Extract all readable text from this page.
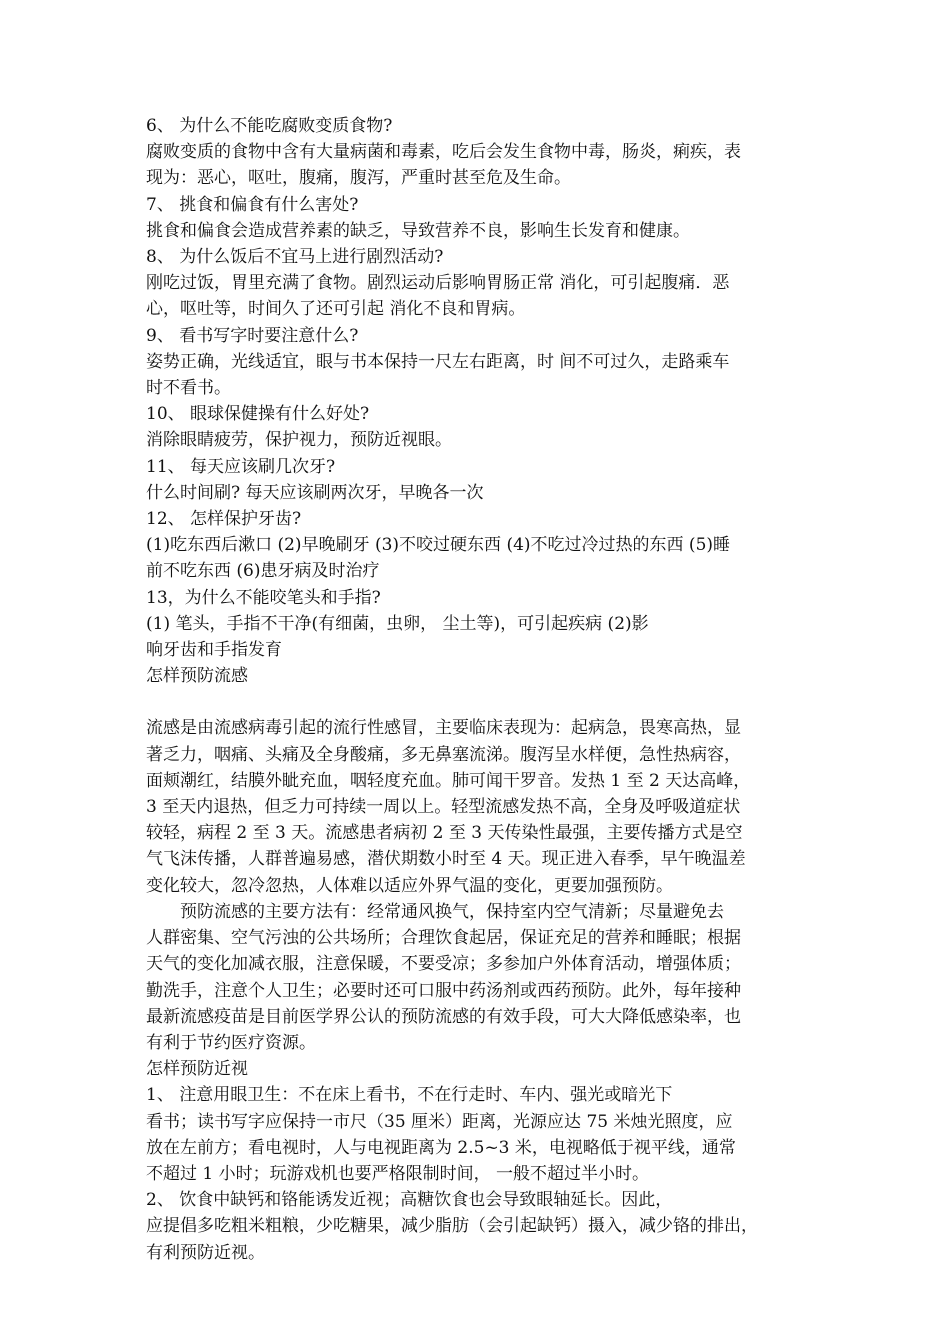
6、 为什么不能吃腐败变质食物?
腐败变质的食物中含有大量病菌和毒素，吃后会发生食物中毒，肠炎，痢疾，表
现为：恶心，呕吐，腹痛，腹泻，严重时甚至危及生命。
7、 挑食和偏食有什么害处?
挑食和偏食会造成营养素的缺乏，导致营养不良，影响生长发育和健康。
8、 为什么饭后不宜马上进行剧烈活动?
刚吃过饭，胃里充满了食物。剧烈运动后影响胃肠正常 消化，可引起腹痛．恶
心，呕吐等，时间久了还可引起 消化不良和胃病。
9、 看书写字时要注意什么?
姿势正确，光线适宜，眼与书本保持一尺左右距离，时 间不可过久，走路乘车
时不看书。
10、 眼球保健操有什么好处?
消除眼睛疲劳，保护视力，预防近视眼。
11、 每天应该刷几次牙?
什么时间刷? 每天应该刷两次牙，早晚各一次
12、 怎样保护牙齿?
(1)吃东西后漱口 (2)早晚刷牙 (3)不咬过硬东西 (4)不吃过冷过热的东西 (5)睡
前不吃东西 (6)患牙病及时治疗
13，为什么不能咬笔头和手指?
(1) 笔头，手指不干净(有细菌，虫卵， 尘土等)，可引起疾病 (2)影
响牙齿和手指发育
怎样预防流感
流感是由流感病毒引起的流行性感冒，主要临床表现为：起病急，畏寒高热，显
著乏力，咽痛、头痛及全身酸痛，多无鼻塞流涕。腹泻呈水样便，急性热病容，
面颊潮红，结膜外眦充血，咽轻度充血。肺可闻干罗音。发热 1 至 2 天达高峰，
3 至天内退热，但乏力可持续一周以上。轻型流感发热不高，全身及呼吸道症状
较轻，病程 2 至 3 天。流感患者病初 2 至 3 天传染性最强，主要传播方式是空
气飞沫传播，人群普遍易感，潜伏期数小时至 4 天。现正进入春季，早午晚温差
变化较大，忽冷忽热，人体难以适应外界气温的变化，更要加强预防。
预防流感的主要方法有：经常通风换气，保持室内空气清新；尽量避免去
人群密集、空气污浊的公共场所；合理饮食起居，保证充足的营养和睡眠；根据
天气的变化加减衣服，注意保暖，不要受凉；多参加户外体育活动，增强体质；
勤洗手，注意个人卫生；必要时还可口服中药汤剂或西药预防。此外，每年接种
最新流感疫苗是目前医学界公认的预防流感的有效手段，可大大降低感染率，也
有利于节约医疗资源。
怎样预防近视
1、 注意用眼卫生：不在床上看书，不在行走时、车内、强光或暗光下
看书；读书写字应保持一市尺（35 厘米）距离，光源应达 75 米烛光照度，应
放在左前方；看电视时，人与电视距离为 2.5~3 米，电视略低于视平线，通常
不超过 1 小时；玩游戏机也要严格限制时间， 一般不超过半小时。
2、 饮食中缺钙和铬能诱发近视；高糖饮食也会导致眼轴延长。因此，
应提倡多吃粗米粗粮，少吃糖果，减少脂肪（会引起缺钙）摄入，减少铬的排出，
有利预防近视。
